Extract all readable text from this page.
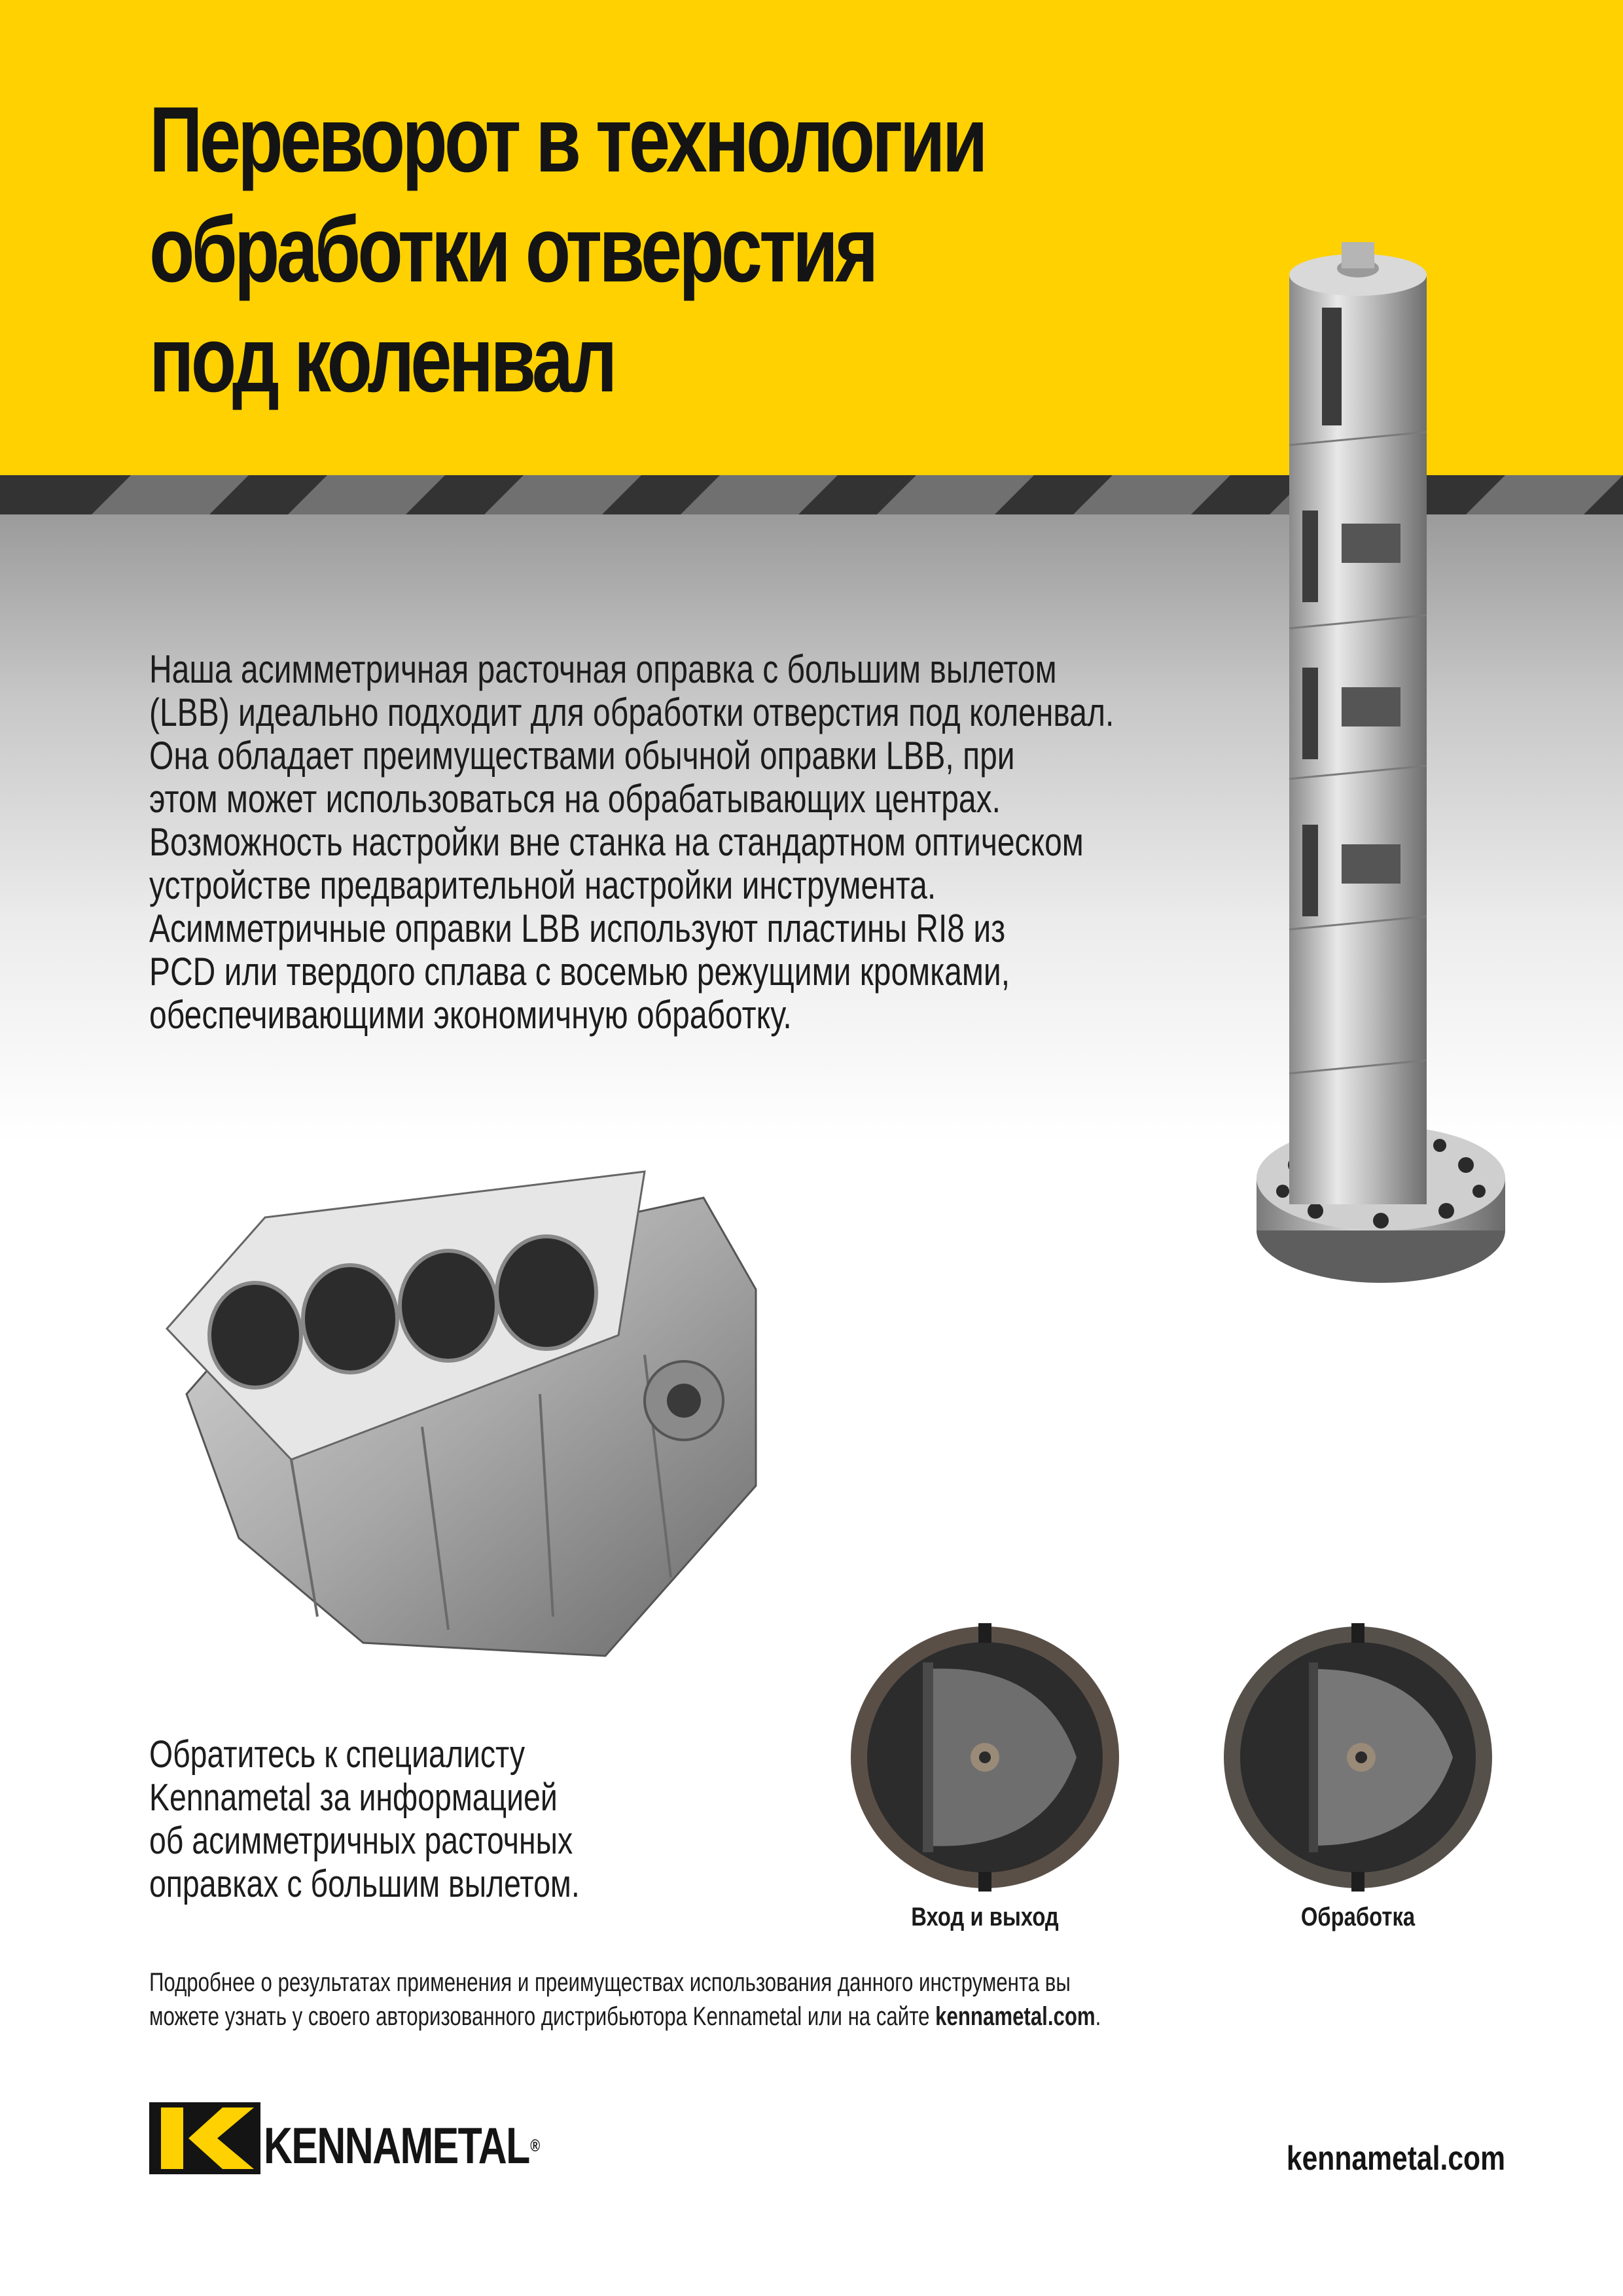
Переворот в технологии
обработки отверстия
под коленвал
Наша асимметричная расточная оправка с большим вылетом
(LBB) идеально подходит для обработки отверстия под коленвал.
Она обладает преимуществами обычной оправки LBB, при
этом может использоваться на обрабатывающих центрах.
Возможность настройки вне станка на стандартном оптическом
устройстве предварительной настройки инструмента.
Асимметричные оправки LBB используют пластины RI8 из
PCD или твердого сплава с восемью режущими кромками,
обеспечивающими экономичную обработку.
Вход и выход	Обработка
Обратитесь к специалисту
Kennametal за информацией
об асимметричных расточных
оправках с большим вылетом.
Подробнее о результатах применения и преимуществах использования данного инструмента вы
можете узнать у своего авторизованного дистрибьютора Kennametal или на сайте kennametal.com.
KENNAMETAL®	kennametal.com
